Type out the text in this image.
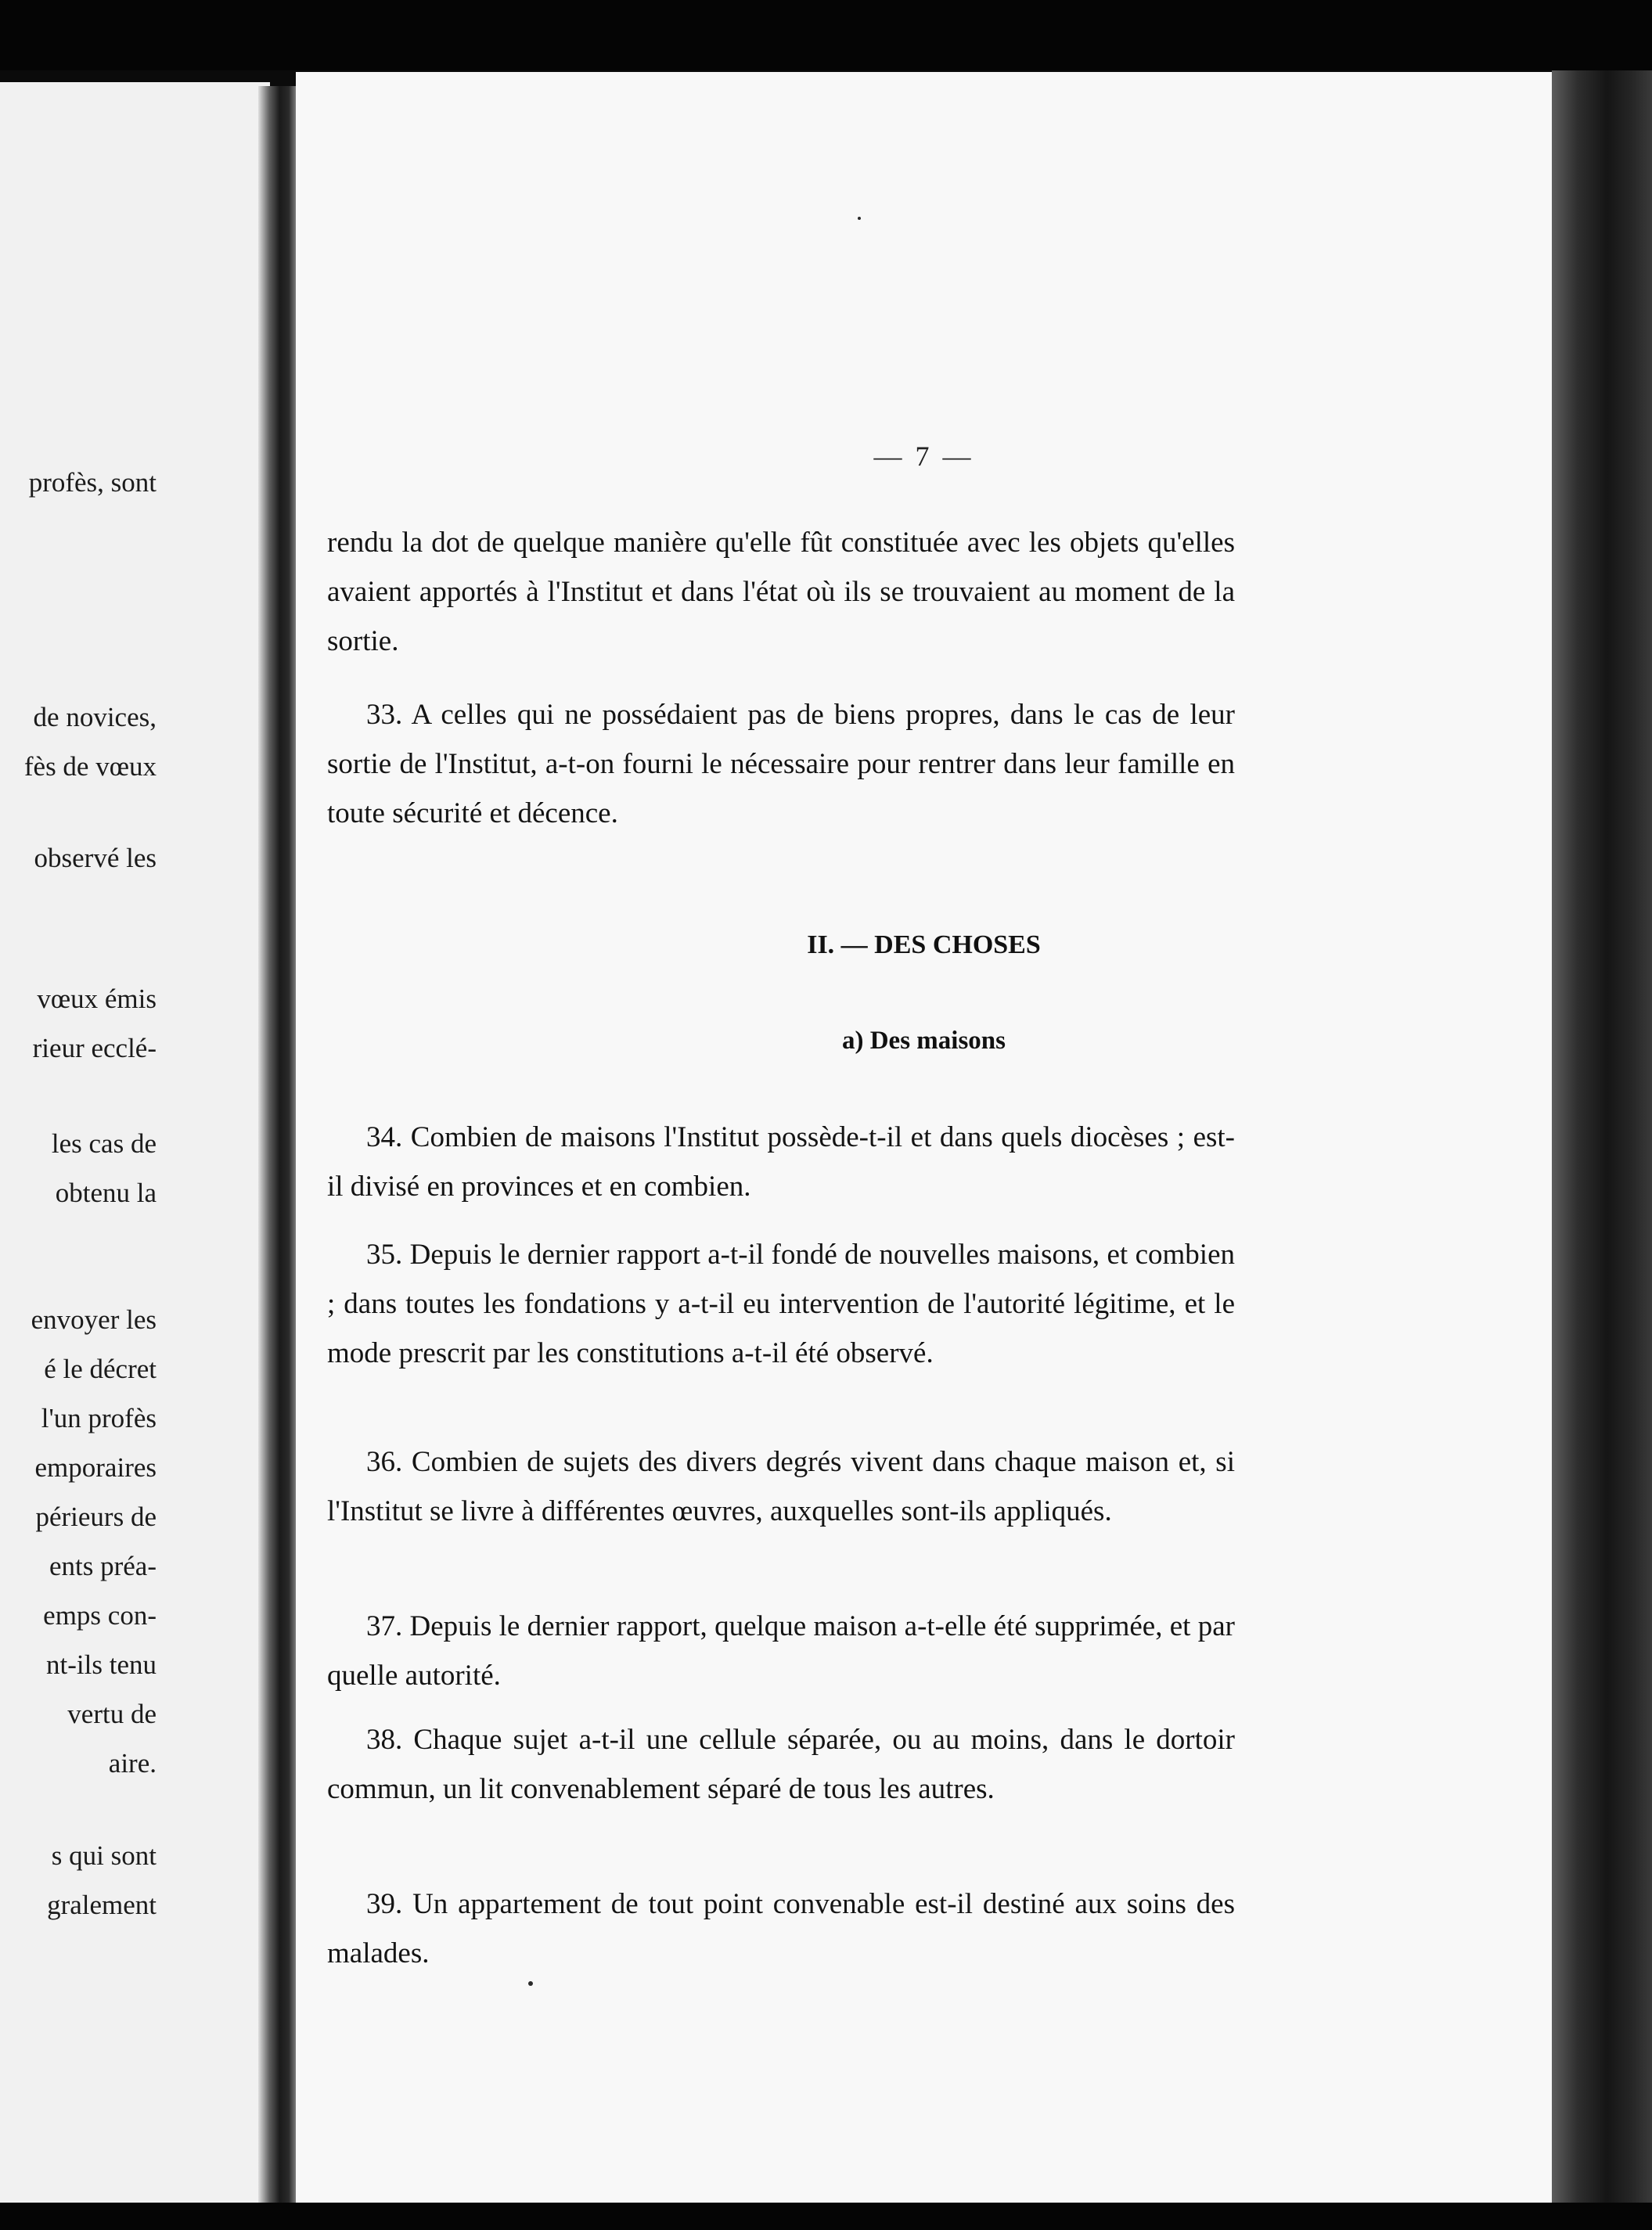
profès, sont
de novices,
fès de vœux
observé les
vœux émis
rieur ecclé-
les cas de
obtenu la
envoyer les
é le décret
l'un profès
emporaires
périeurs de
ents préa-
emps con-
nt-ils tenu
vertu de
aire.
s qui sont
gralement
— 7 —

rendu la dot de quelque manière qu'elle fût constituée avec les objets qu'elles avaient apportés à l'Institut et dans l'état où ils se trouvaient au moment de la sortie.

33. A celles qui ne possédaient pas de biens propres, dans le cas de leur sortie de l'Institut, a-t-on fourni le nécessaire pour rentrer dans leur famille en toute sécurité et décence.

II. — DES CHOSES
a) Des maisons

34. Combien de maisons l'Institut possède-t-il et dans quels diocèses ; est-il divisé en provinces et en combien.

35. Depuis le dernier rapport a-t-il fondé de nouvelles maisons, et combien ; dans toutes les fondations y a-t-il eu intervention de l'autorité légitime, et le mode prescrit par les constitutions a-t-il été observé.

36. Combien de sujets des divers degrés vivent dans chaque maison et, si l'Institut se livre à différentes œuvres, auxquelles sont-ils appliqués.

37. Depuis le dernier rapport, quelque maison a-t-elle été supprimée, et par quelle autorité.

38. Chaque sujet a-t-il une cellule séparée, ou au moins, dans le dortoir commun, un lit convenablement séparé de tous les autres.

39. Un appartement de tout point convenable est-il destiné aux soins des malades.
